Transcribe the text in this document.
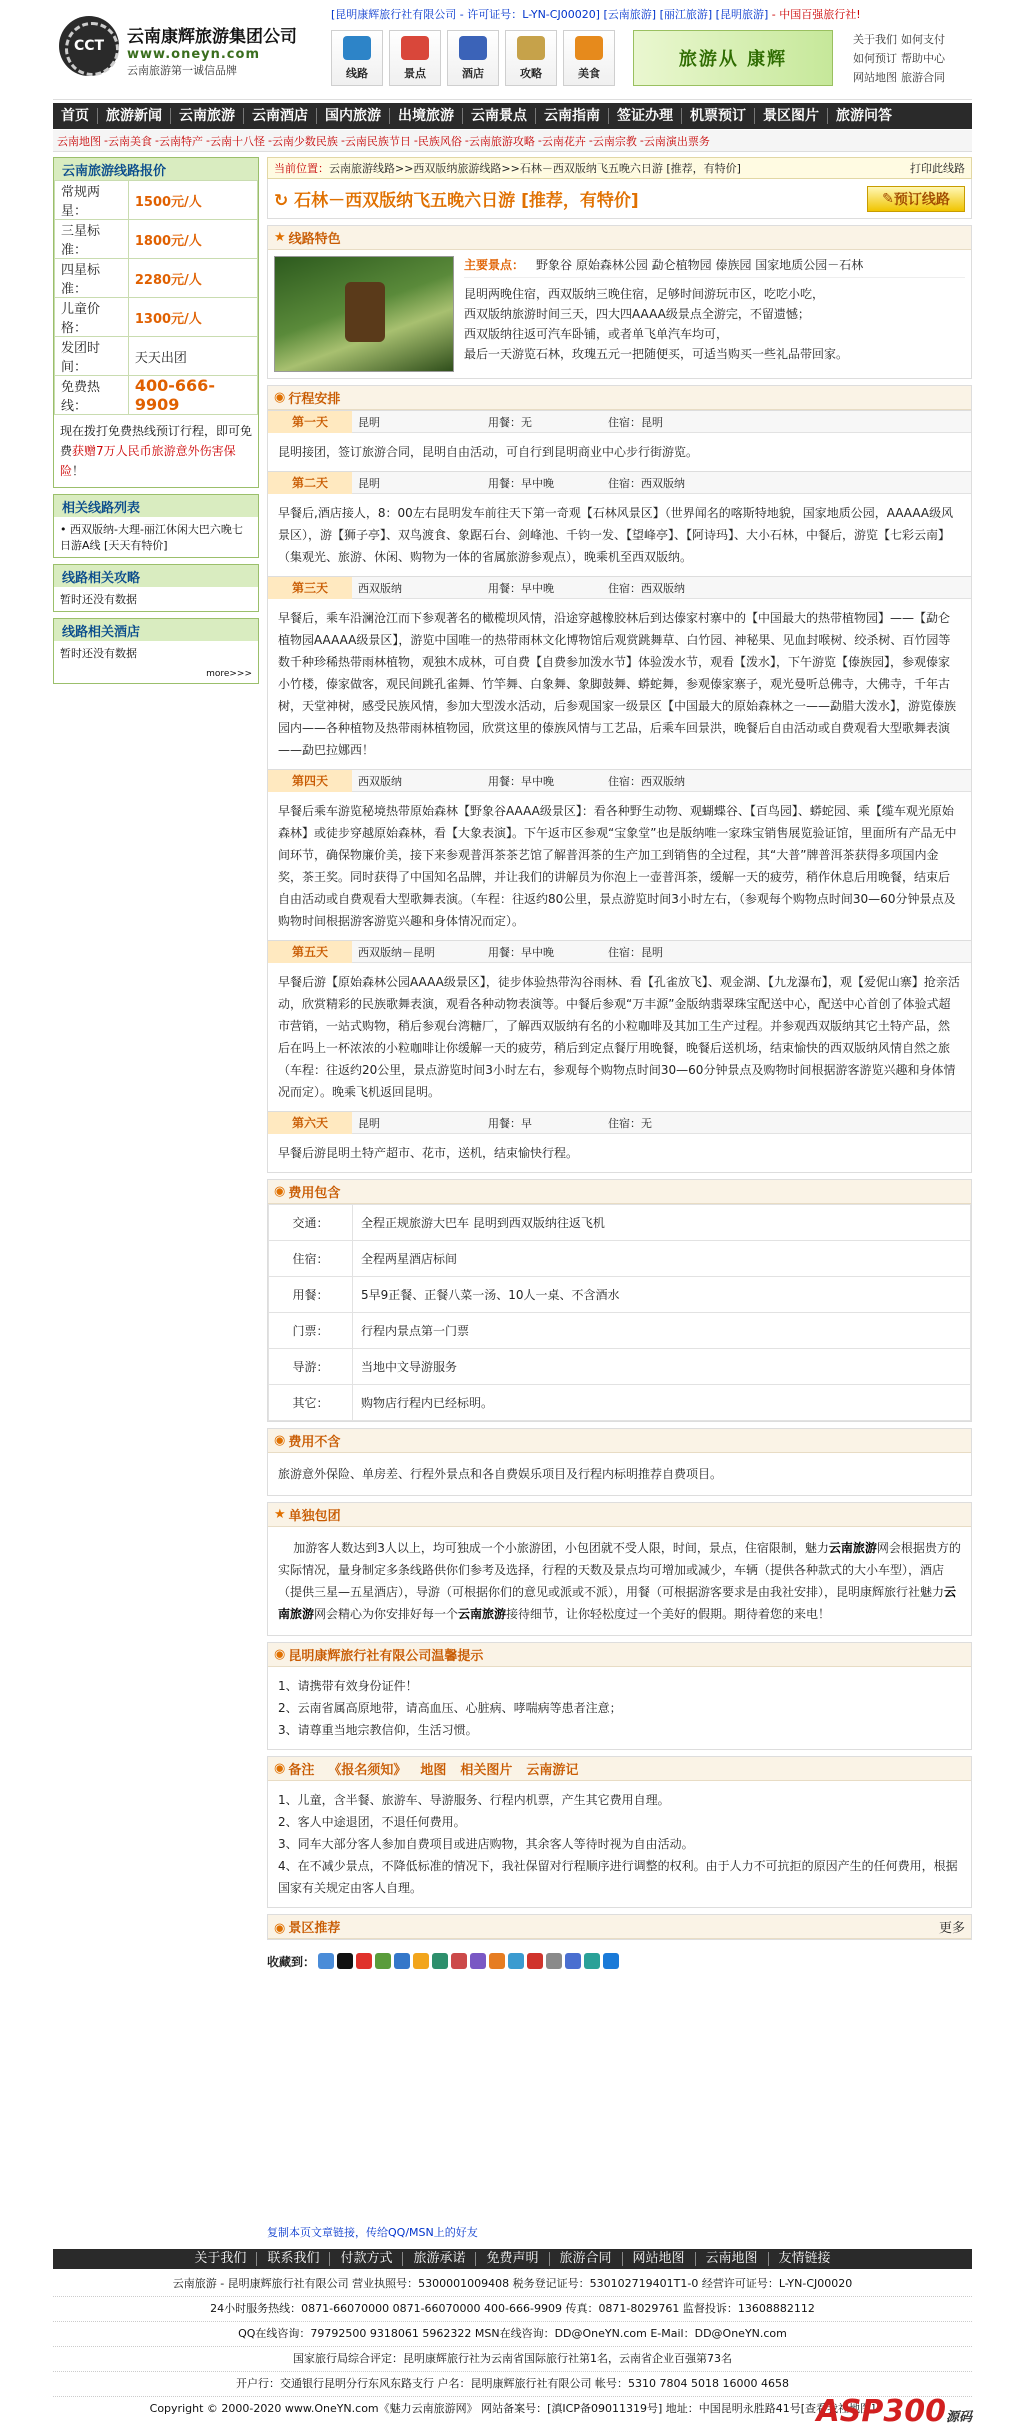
CCT 云南康辉旅游集团公司
www.oneyn.com
云南旅游第一诚信品牌
[昆明康辉旅行社有限公司 - 许可证号：L-YN-CJ00020] [云南旅游] [丽江旅游] [昆明旅游] - 中国百强旅行社!
线路	景点	酒店	攻略	美食
旅游从 康辉
关于我们 如何支付
如何预订 帮助中心
网站地图 旅游合同
首页	旅游新闻	云南旅游	云南酒店	国内旅游	出境旅游	云南景点	云南指南	签证办理	机票预订	景区图片	旅游问答
云南地图 - 云南美食 - 云南特产 - 云南十八怪 - 云南少数民族 - 云南民族节日 - 民族风俗 - 云南旅游攻略 - 云南花卉 - 云南宗教 - 云南演出票务
云南旅游线路报价
常规两星：	1500元/人
三星标准：	1800元/人
四星标准：	2280元/人
儿童价格：	1300元/人
发团时间：	天天出团
免费热线：	400-666-9909
现在拨打免费热线预订行程，即可免费获赠7万人民币旅游意外伤害保险！
相关线路列表
• 西双版纳-大理-丽江休闲大巴六晚七日游A线 [天天有特价]
线路相关攻略
暂时还没有数据
线路相关酒店
暂时还没有数据
more>>>
当前位置：云南旅游线路>>西双版纳旅游线路>>石林－西双版纳飞五晚六日游 [推荐，有特价]	打印此线路
↻ 石林－西双版纳飞五晚六日游 [推荐，有特价]	✎ 预订线路
★ 线路特色
主要景点： 野象谷 原始森林公园 勐仑植物园 傣族园 国家地质公园－石林
昆明两晚住宿，西双版纳三晚住宿，足够时间游玩市区，吃吃小吃，
西双版纳旅游时间三天，四大四AAAA级景点全游完，不留遗憾；
西双版纳往返可汽车卧铺，或者单飞单汽车均可，
最后一天游览石林，玫瑰五元一把随便买，可适当购买一些礼品带回家。
◉ 行程安排
第一天	昆明	用餐：无	住宿：昆明
昆明接团，签订旅游合同，昆明自由活动，可自行到昆明商业中心步行街游览。
第二天	昆明	用餐：早中晚	住宿：西双版纳
早餐后,酒店接人，8：00左右昆明发车前往天下第一奇观【石林风景区】（世界闻名的喀斯特地貌，国家地质公园，AAAAA级风景区），游【狮子亭】、双鸟渡食、象踞石台、剑峰池、千钧一发、【望峰亭】、【阿诗玛】、大小石林，中餐后，游览【七彩云南】（集观光、旅游、休闲、购物为一体的省属旅游参观点），晚乘机至西双版纳。
第三天	西双版纳	用餐：早中晚	住宿：西双版纳
早餐后，乘车沿澜沧江而下参观著名的橄榄坝风情，沿途穿越橡胶林后到达傣家村寨中的【中国最大的热带植物园】——【勐仑植物园AAAAA级景区】，游览中国唯一的热带雨林文化博物馆后观赏跳舞草、白竹园、神秘果、见血封喉树、绞杀树、百竹园等数千种珍稀热带雨林植物，观独木成林，可自费【自费参加泼水节】体验泼水节，观看【泼水】，下午游览【傣族园】，参观傣家小竹楼，傣家做客，观民间跳孔雀舞、竹竿舞、白象舞、象脚鼓舞、蟒蛇舞，参观傣家寨子，观光曼听总佛寺，大佛寺，千年古树，天堂神树，感受民族风情，参加大型泼水活动，后参观国家一级景区【中国最大的原始森林之一——勐腊大泼水】，游览傣族园内——各种植物及热带雨林植物园，欣赏这里的傣族风情与工艺品，后乘车回景洪，晚餐后自由活动或自费观看大型歌舞表演——勐巴拉娜西！
第四天	西双版纳	用餐：早中晚	住宿：西双版纳
早餐后乘车游览秘境热带原始森林【野象谷AAAA级景区】：看各种野生动物、观蝴蝶谷、【百鸟园】、蟒蛇园、乘【缆车观光原始森林】或徒步穿越原始森林，看【大象表演】。下午返市区参观“宝象堂”也是版纳唯一家珠宝销售展览验证馆，里面所有产品无中间环节，确保物廉价美，接下来参观普洱茶茶艺馆了解普洱茶的生产加工到销售的全过程，其“大普”牌普洱茶获得多项国内金奖，茶王奖。同时获得了中国知名品牌，并让我们的讲解员为你泡上一壶普洱茶，缓解一天的疲劳，稍作休息后用晚餐，结束后自由活动或自费观看大型歌舞表演。（车程：往返约80公里，景点游览时间3小时左右，（参观每个购物点时间30—60分钟景点及购物时间根据游客游览兴趣和身体情况而定）。
第五天	西双版纳－昆明	用餐：早中晚	住宿：昆明
早餐后游【原始森林公园AAAA级景区】，徒步体验热带沟谷雨林、看【孔雀放飞】、观金湖、【九龙瀑布】，观【爱伲山寨】抢亲活动，欣赏精彩的民族歌舞表演，观看各种动物表演等。中餐后参观“万丰源”金版纳翡翠珠宝配送中心，配送中心首创了体验式超市营销，一站式购物，稍后参观台湾糖厂，了解西双版纳有名的小粒咖啡及其加工生产过程。并参观西双版纳其它土特产品，然后在吗上一杯浓浓的小粒咖啡让你缓解一天的疲劳，稍后到定点餐厅用晚餐，晚餐后送机场，结束愉快的西双版纳风情自然之旅（车程：往返约20公里，景点游览时间3小时左右，参观每个购物点时间30—60分钟景点及购物时间根据游客游览兴趣和身体情况而定）。晚乘飞机返回昆明。
第六天	昆明	用餐：早	住宿：无
早餐后游昆明土特产超市、花市，送机，结束愉快行程。
◉ 费用包含
交通：	全程正规旅游大巴车 昆明到西双版纳往返飞机
住宿：	全程两星酒店标间
用餐：	5早9正餐、正餐八菜一汤、10人一桌、不含酒水
门票：	行程内景点第一门票
导游：	当地中文导游服务
其它：	购物店行程内已经标明。
◉ 费用不含
旅游意外保险、单房差、行程外景点和各自费娱乐项目及行程内标明推荐自费项目。
★ 单独包团
加游客人数达到3人以上，均可独成一个小旅游团，小包团就不受人限，时间，景点，住宿限制，魅力云南旅游网会根据贵方的实际情况，量身制定多条线路供你们参考及选择，行程的天数及景点均可增加或减少，车辆（提供各种款式的大小车型），酒店（提供三星—五星酒店），导游（可根据你们的意见或派或不派），用餐（可根据游客要求是由我社安排），昆明康辉旅行社魅力云南旅游网会精心为你安排好每一个云南旅游接待细节，让你轻松度过一个美好的假期。期待着您的来电！
◉ 昆明康辉旅行社有限公司温馨提示
1、请携带有效身份证件！
2、云南省属高原地带，请高血压、心脏病、哮喘病等患者注意；
3、请尊重当地宗教信仰，生活习惯。
◉ 备注 《报名须知》 地图 相关图片 云南游记
1、儿童，含半餐、旅游车、导游服务、行程内机票，产生其它费用自理。
2、客人中途退团，不退任何费用。
3、同车大部分客人参加自费项目或进店购物，其余客人等待时视为自由活动。
4、在不减少景点，不降低标准的情况下，我社保留对行程顺序进行调整的权利。由于人力不可抗拒的原因产生的任何费用，根据国家有关规定由客人自理。
◉ 景区推荐	更多
收藏到：
复制本页文章链接，传给QQ/MSN上的好友
关于我们	联系我们	付款方式	旅游承诺	免费声明	旅游合同	网站地图	云南地图	友情链接
云南旅游 - 昆明康辉旅行社有限公司 营业执照号：5300001009408 税务登记证号：530102719401T1-0 经营许可证号：L-YN-CJ00020
24小时服务热线：0871-66070000 0871-66070000 400-666-9909 传真：0871-8029761 监督投诉：13608882112
QQ在线咨询：79792500 9318061 5962322 MSN在线咨询：DD@OneYN.com E-Mail：DD@OneYN.com
国家旅行局综合评定：昆明康辉旅行社为云南省国际旅行社第1名，云南省企业百强第73名
开户行：交通银行昆明分行东风东路支行 户名：昆明康辉旅行社有限公司 帐号：5310 7804 5018 16000 4658
Copyright © 2000-2020 www.OneYN.com《魅力云南旅游网》 网站备案号：[滇ICP备09011319号] 地址：中国昆明永胜路41号[查看我社地图]
ASP300源码
